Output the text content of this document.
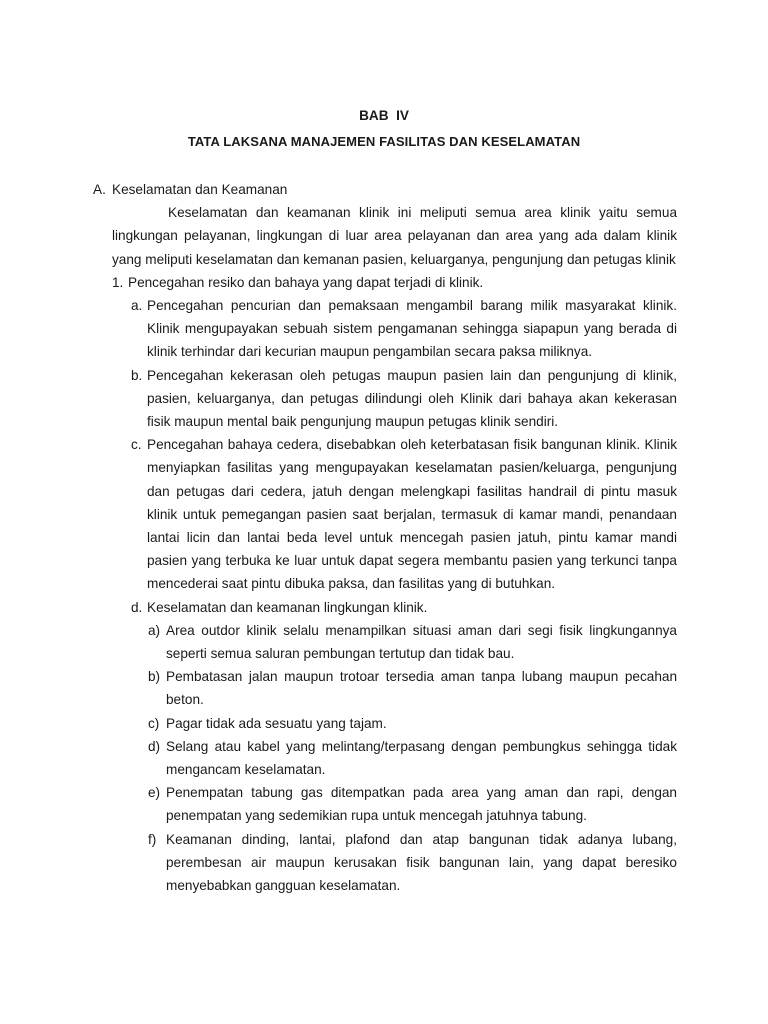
BAB  IV
TATA LAKSANA MANAJEMEN FASILITAS DAN KESELAMATAN
A. Keselamatan dan Keamanan
Keselamatan dan keamanan klinik ini meliputi semua area klinik yaitu semua lingkungan pelayanan, lingkungan di luar area pelayanan dan area yang ada dalam klinik yang meliputi keselamatan dan kemanan pasien, keluarganya, pengunjung dan petugas klinik
1. Pencegahan resiko dan bahaya yang dapat terjadi di klinik.
a. Pencegahan pencurian dan pemaksaan mengambil barang milik masyarakat klinik. Klinik mengupayakan sebuah sistem pengamanan sehingga siapapun yang berada di klinik terhindar dari kecurian maupun pengambilan secara paksa miliknya.
b. Pencegahan kekerasan oleh petugas maupun pasien lain dan pengunjung di klinik, pasien, keluarganya, dan petugas dilindungi oleh Klinik dari bahaya akan kekerasan fisik maupun mental baik pengunjung maupun petugas klinik sendiri.
c. Pencegahan bahaya cedera, disebabkan oleh keterbatasan fisik bangunan klinik. Klinik menyiapkan fasilitas yang mengupayakan keselamatan pasien/keluarga, pengunjung dan petugas dari cedera, jatuh dengan melengkapi fasilitas handrail di pintu masuk klinik untuk pemegangan pasien saat berjalan, termasuk di kamar mandi, penandaan lantai licin dan lantai beda level untuk mencegah pasien jatuh, pintu kamar mandi pasien yang terbuka ke luar untuk dapat segera membantu pasien yang terkunci tanpa mencederai saat pintu dibuka paksa, dan fasilitas yang di butuhkan.
d. Keselamatan dan keamanan lingkungan klinik.
a) Area outdor klinik selalu menampilkan situasi aman dari segi fisik lingkungannya seperti semua saluran pembungan tertutup dan tidak bau.
b) Pembatasan jalan maupun trotoar tersedia aman tanpa lubang maupun pecahan beton.
c) Pagar tidak ada sesuatu yang tajam.
d) Selang atau kabel yang melintang/terpasang dengan pembungkus sehingga tidak mengancam keselamatan.
e) Penempatan tabung gas ditempatkan pada area yang aman dan rapi, dengan penempatan yang sedemikian rupa untuk mencegah jatuhnya tabung.
f) Keamanan dinding, lantai, plafond dan atap bangunan tidak adanya lubang, perembesan air maupun kerusakan fisik bangunan lain, yang dapat beresiko menyebabkan gangguan keselamatan.
